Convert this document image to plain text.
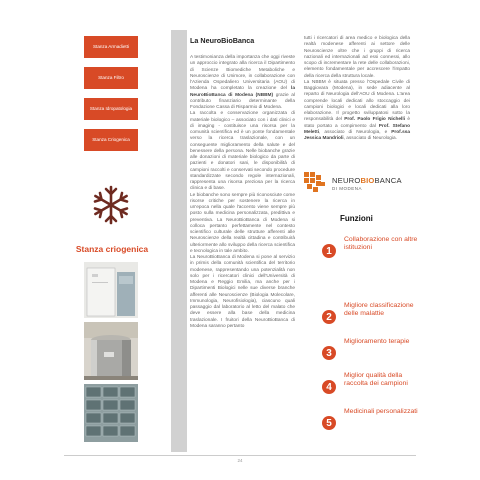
Stanza Armadietti
Stanza Filtro
Stanza Idropatologia
Stanza Criogenica
Stanza criogenica
La NeuroBioBanca

A testimonianza della importanza che oggi riveste un approccio integrato alla ricerca il Dipartimento di Scienze Biomediche Metaboliche e Neuroscienze di Unimore, in collaborazione con l'Azienda Ospedaliero Universitaria (AOU) di Modena ha completato la creazione del la NeuroBioBanca di Modena (NBBM) grazie al contributo finanziario determinante della Fondazione Cassa di Risparmio di Modena.

La raccolta e conservazione organizzata di materiale biologico – associato con i dati clinici e di imaging - costituisce una risorsa per la comunità scientifica ed è un ponte fondamentale verso la ricerca traslazionale, con un conseguente miglioramento della salute e del benessere della persona. Nelle biobanche grazie alle donazioni di materiale biologico da parte di pazienti e donatori sani, le disponibilità di campioni raccolti e conservati secondo procedure standardizzate secondo regole internazionali, rappresenta una risorsa preziosa per la ricerca clinica e di base.

Le biobanche sono sempre più riconosciute come risorse critiche per sostenere la ricerca in un'epoca nella quale l'accento viene sempre più posto sulla medicina personalizzata, predittiva e preventiva. La NeuroBioBanca di Modena si colloca pertanto perfettamente nel contesto scientifico culturale delle strutture afferenti alle Neuroscienze della realtà cittadina e contribuirà ulteriormente allo sviluppo della ricerca scientifica e tecnologica in tale ambito.

La NeuroBioBanca di Modena si pone al servizio in primis della comunità scientifica del territorio modenese, rappresentando una potenzialità non solo per i ricercatori clinici dell'Università di Modena e Reggio Emilia, ma anche per i Dipartimenti Biologici nelle sue diverse branche afferenti alle Neuroscienze (Biologia Molecolare, Immunologia, Neurofisiologia), ciascuno quali passaggio dal laboratorio al letto del malato che deve essere alla base della medicina traslazionale. I fruitori della NeuroBioBanca di Modena saranno pertanto

tutti i ricercatori di area medico e biologica della realtà modenese afferenti ai settore delle Neuroscienze oltre che i gruppi di ricerca nazionali ed internazionali ad essi connessi, allo scopo di incrementare la rete delle collaborazioni, elemento fondamentale per accrescere l'impatto della ricerca della struttura locale.

La NBBM è situata presso l'Ospedale Civile di Baggiovara (Modena), in sede adiacente al reparto di Neurologia dell'AOU di Modena. L'area comprende locali dedicati allo stoccaggio dei campioni biologici e locali dedicati alla loro elaborazione. Il progetto sviluppatosi sotto la responsabilità del Prof. Paolo Frigio Nichelli è stato portato a compimento dal Prof. Stefano Meletti, associato di Neurologia, e Prof.ssa Jessica Mandrioli, associato di Neurologia.

NEUROBIOBANCA
DI MODENA
Funzioni
1
Collaborazione con altre istituzioni
2
Migliore classificazione delle malattie
3
Miglioramento terapie
4
Miglior qualità della raccolta dei campioni
5
Medicinali personalizzati
24
